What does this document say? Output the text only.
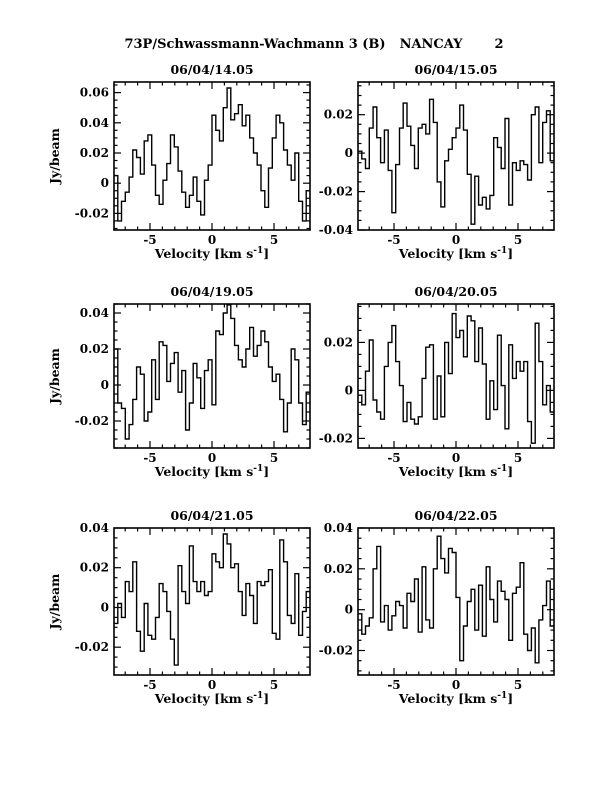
73P/Schwassmann-Wachmann 3 (B) NANCAY 2
-5	0	5
-0.02
0
0.02
0.04
0.06
06/04/14.05
Velocity [km $s^{-1}$]
Jy/beam
-5	0	5
-0.04
-0.02
0
0.02
06/04/15.05
Velocity [km $s^{-1}$]
-5	0	5
-0.02
0
0.02
0.04
06/04/19.05
Velocity [km $s^{-1}$]
Jy/beam
-5	0	5
-0.02
0
0.02
06/04/20.05
Velocity [km $s^{-1}$]
-5	0	5
-0.02
0
0.02
0.04
06/04/21.05
Velocity [km $s^{-1}$]
Jy/beam
-5	0	5
-0.02
0
0.02
0.04
06/04/22.05
Velocity [km $s^{-1}$]
